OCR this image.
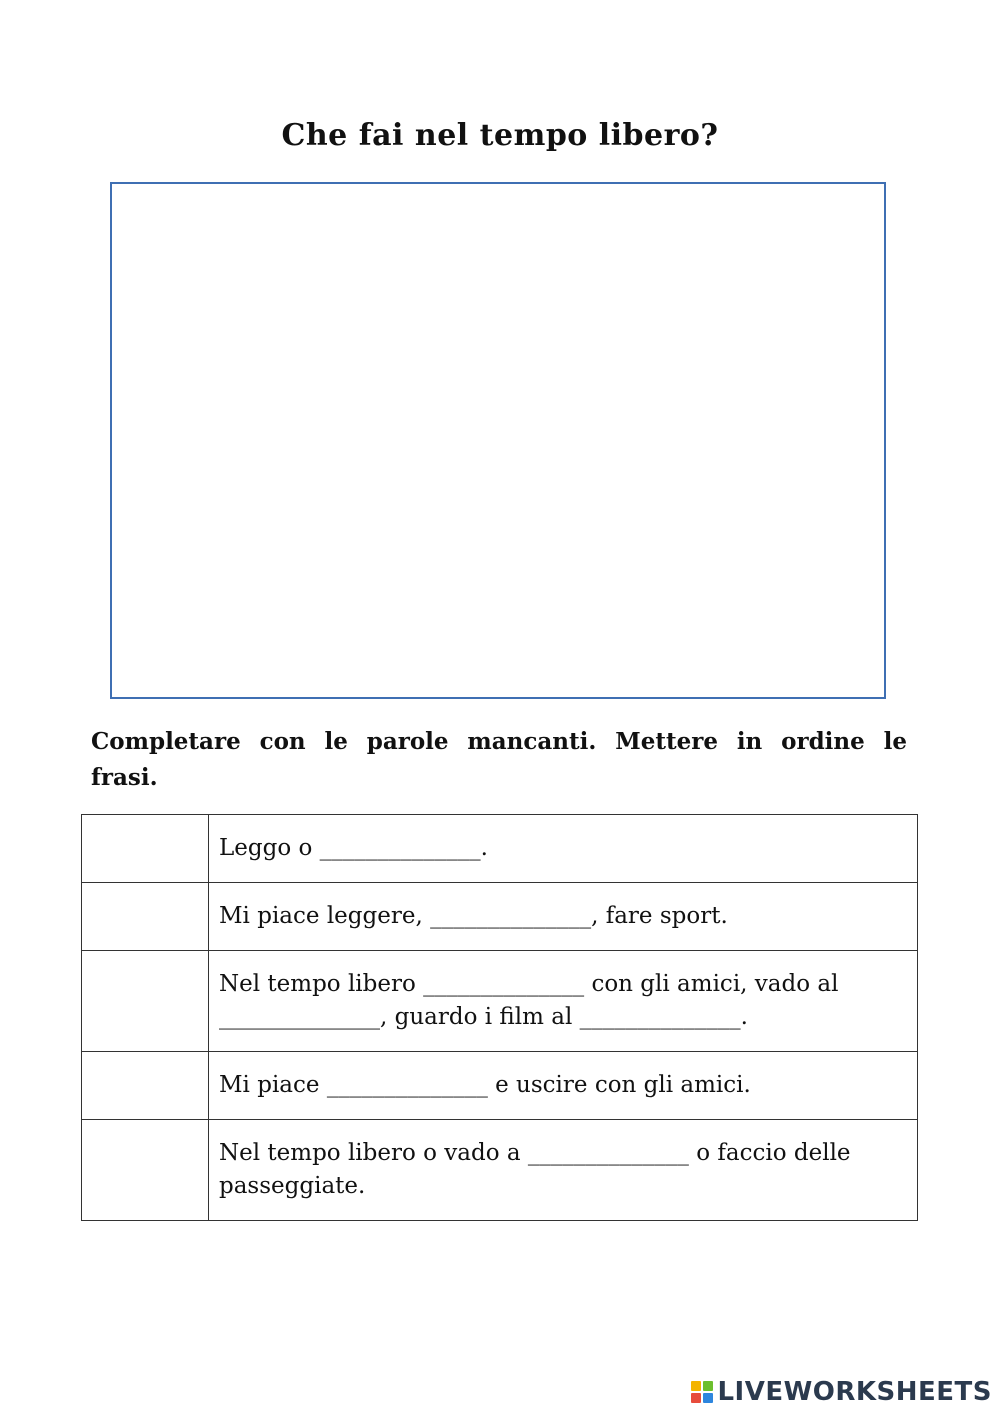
Che fai nel tempo libero?
Completare con le parole mancanti. Mettere in ordine le frasi.
	Leggo o ______________.
	Mi piace leggere, ______________, fare sport.
	Nel tempo libero ______________ con gli amici, vado al ______________, guardo i film al ______________.
	Mi piace ______________ e uscire con gli amici.
	Nel tempo libero o vado a ______________ o faccio delle passeggiate.
LIVEWORKSHEETS
